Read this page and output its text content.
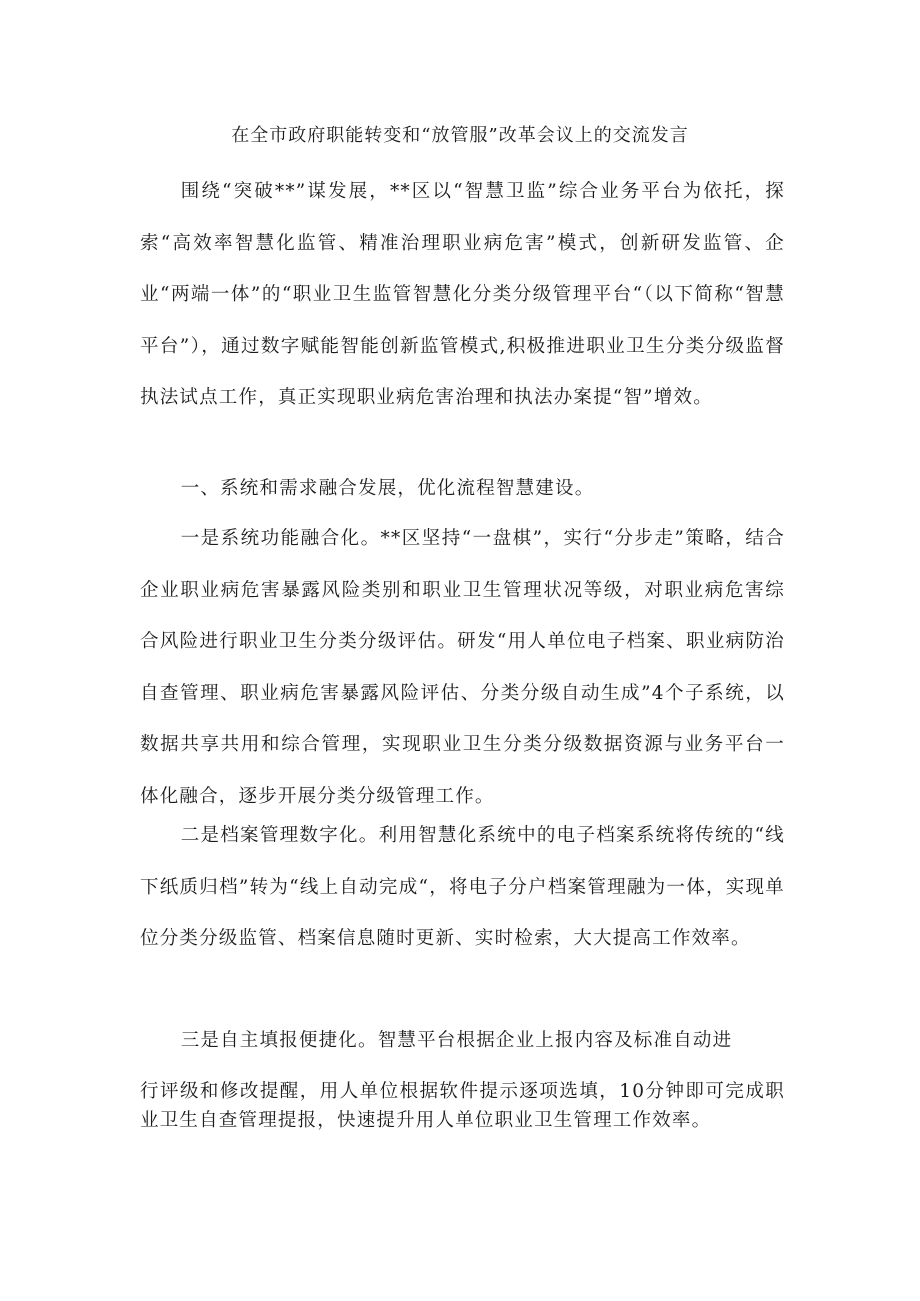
在全市政府职能转变和“放管服”改革会议上的交流发言

围绕“突破**”谋发展，**区以“智慧卫监”综合业务平台为依托，探索“高效率智慧化监管、精准治理职业病危害”模式，创新研发监管、企业“两端一体”的“职业卫生监管智慧化分类分级管理平台“（以下简称“智慧平台”），通过数字赋能智能创新监管模式,积极推进职业卫生分类分级监督执法试点工作，真正实现职业病危害治理和执法办案提“智”增效。

一、系统和需求融合发展，优化流程智慧建设。

一是系统功能融合化。**区坚持“一盘棋”，实行“分步走”策略，结合企业职业病危害暴露风险类别和职业卫生管理状况等级，对职业病危害综合风险进行职业卫生分类分级评估。研发“用人单位电子档案、职业病防治自查管理、职业病危害暴露风险评估、分类分级自动生成”4个子系统，以数据共享共用和综合管理，实现职业卫生分类分级数据资源与业务平台一体化融合，逐步开展分类分级管理工作。

二是档案管理数字化。利用智慧化系统中的电子档案系统将传统的“线下纸质归档”转为“线上自动完成“，将电子分户档案管理融为一体，实现单位分类分级监管、档案信息随时更新、实时检索，大大提高工作效率。

三是自主填报便捷化。智慧平台根据企业上报内容及标准自动进

行评级和修改提醒，用人单位根据软件提示逐项选填，10分钟即可完成职业卫生自查管理提报，快速提升用人单位职业卫生管理工作效率。
